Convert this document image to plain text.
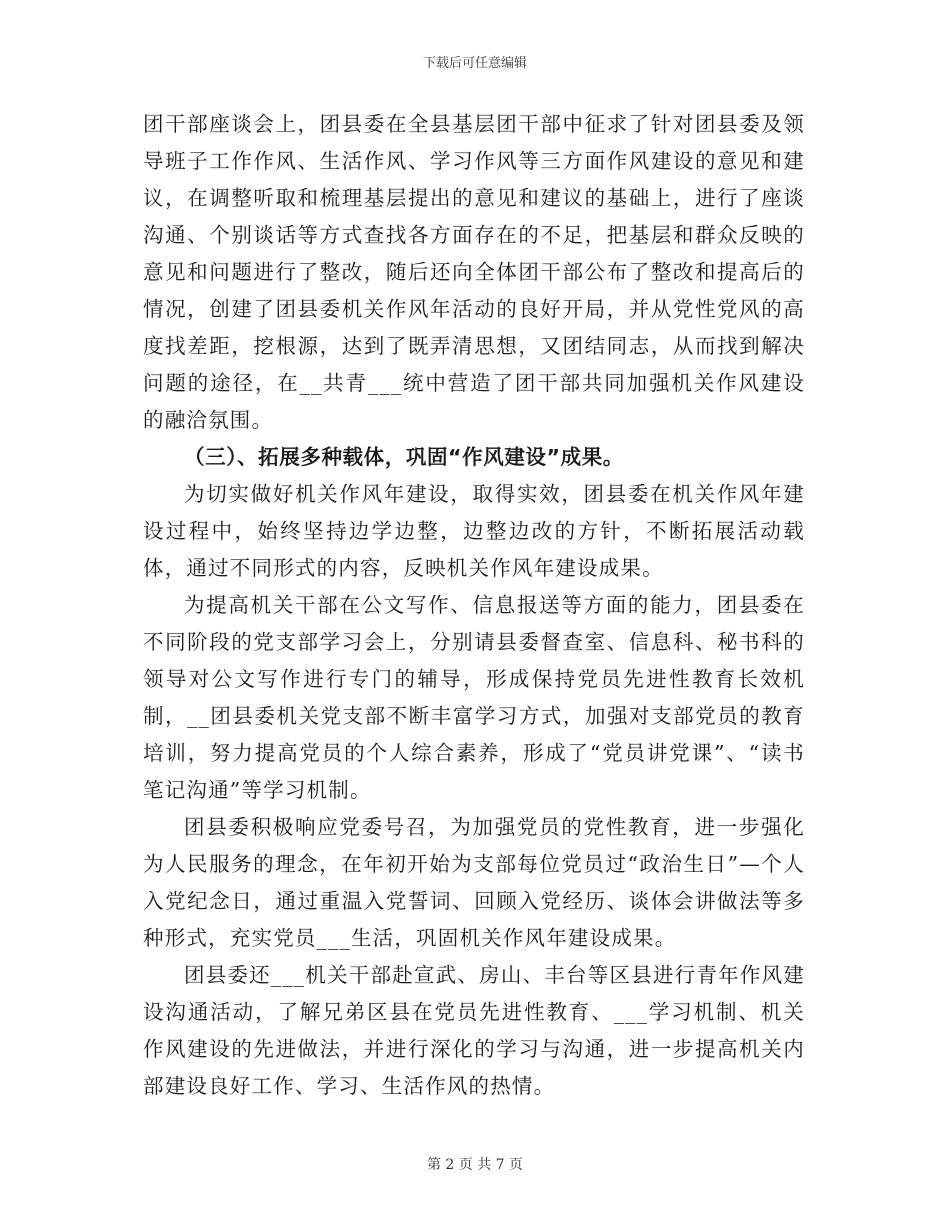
下载后可任意编辑

团干部座谈会上，团县委在全县基层团干部中征求了针对团县委及领导班子工作作风、生活作风、学习作风等三方面作风建设的意见和建议，在调整听取和梳理基层提出的意见和建议的基础上，进行了座谈沟通、个别谈话等方式查找各方面存在的不足，把基层和群众反映的意见和问题进行了整改，随后还向全体团干部公布了整改和提高后的情况，创建了团县委机关作风年活动的良好开局，并从党性党风的高度找差距，挖根源，达到了既弄清思想，又团结同志，从而找到解决问题的途径，在__共青___统中营造了团干部共同加强机关作风建设的融洽氛围。

（三）、拓展多种载体，巩固“作风建设”成果。

为切实做好机关作风年建设，取得实效，团县委在机关作风年建设过程中，始终坚持边学边整，边整边改的方针，不断拓展活动载体，通过不同形式的内容，反映机关作风年建设成果。

为提高机关干部在公文写作、信息报送等方面的能力，团县委在不同阶段的党支部学习会上，分别请县委督查室、信息科、秘书科的领导对公文写作进行专门的辅导，形成保持党员先进性教育长效机制，__团县委机关党支部不断丰富学习方式，加强对支部党员的教育培训，努力提高党员的个人综合素养，形成了“党员讲党课”、“读书笔记沟通”等学习机制。

团县委积极响应党委号召，为加强党员的党性教育，进一步强化为人民服务的理念，在年初开始为支部每位党员过“政治生日”—个人入党纪念日，通过重温入党誓词、回顾入党经历、谈体会讲做法等多种形式，充实党员___生活，巩固机关作风年建设成果。

团县委还___机关干部赴宣武、房山、丰台等区县进行青年作风建设沟通活动，了解兄弟区县在党员先进性教育、___学习机制、机关作风建设的先进做法，并进行深化的学习与沟通，进一步提高机关内部建设良好工作、学习、生活作风的热情。

第 2 页 共 7 页
